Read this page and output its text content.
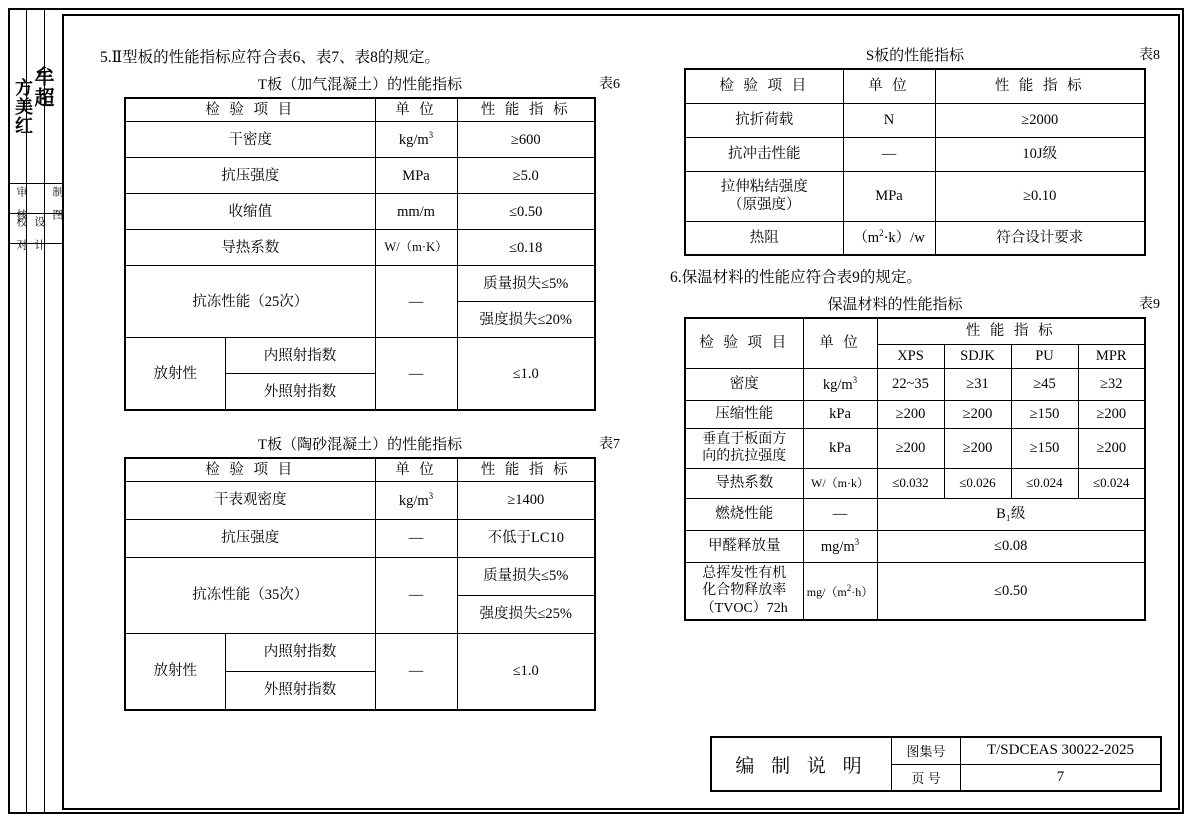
牟超
方美红
校 对 设 计
审 核	制 图

5.Ⅱ型板的性能指标应符合表6、表7、表8的规定。

T板（加气混凝土）的性能指标	表6
检 验 项 目		单 位	性 能 指 标
干密度		$kg/m^3$	≥600
抗压强度		MPa	≥5.0
收缩值		mm/m	≤0.50
导热系数		W/（m·K）	≤0.18
抗冻性能（25次）		—	质量损失≤5%
			强度损失≤20%
放射性	内照射指数	—	≤1.0
	外照射指数		
T板（陶砂混凝土）的性能指标	表7
检 验 项 目		单 位	性 能 指 标
干表观密度		$kg/m^3$	≥1400
抗压强度		—	不低于LC10
抗冻性能（35次）		—	质量损失≤5%
			强度损失≤25%
放射性	内照射指数	—	≤1.0
	外照射指数		
S板的性能指标	表8
检 验 项 目	单 位	性 能 指 标
抗折荷载	N	≥2000
抗冲击性能	—	10J级
拉伸粘结强度
（原强度）	MPa	≥0.10
热阻	$(m^2\cdot k)/w$	符合设计要求

6.保温材料的性能应符合表9的规定。

保温材料的性能指标	表9
检 验 项 目	单 位	性 能 指 标			
		XPS	SDJK	PU	MPR
密度	$kg/m^3$	22~35	≥31	≥45	≥32
压缩性能	kPa	≥200	≥200	≥150	≥200
垂直于板面方
向的抗拉强度	kPa	≥200	≥200	≥150	≥200
导热系数	W/（m·k）	≤0.032	≤0.026	≤0.024	≤0.024
燃烧性能	—	B₁级			
甲醛释放量	$mg/m^3$	≤0.08			
总挥发性有机
化合物释放率
（TVOC）72h	$mg/(m^2\cdot h)$	≤0.50			
编 制 说 明
图集号	T/SDCEAS 30022-2025
页 号	7
